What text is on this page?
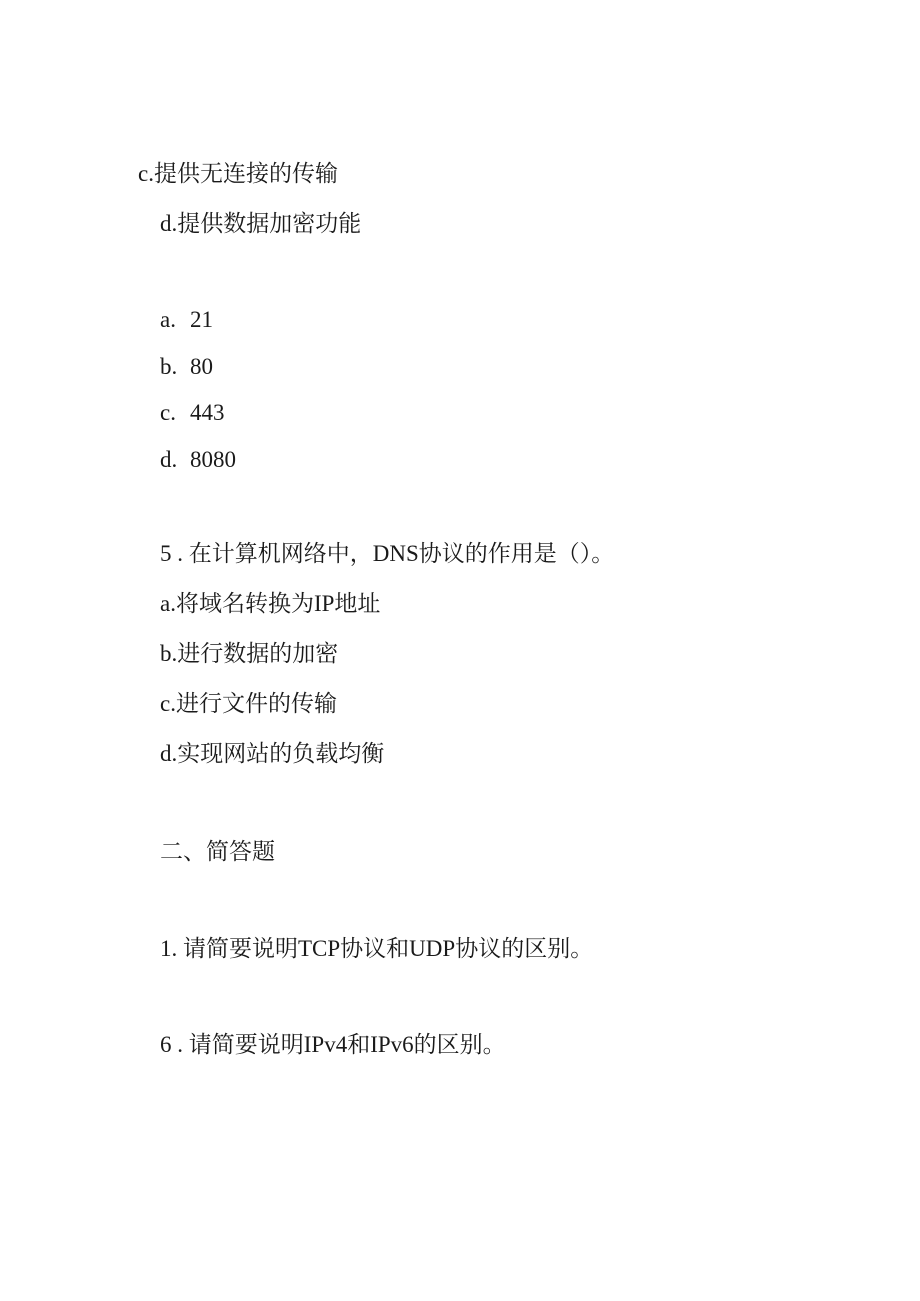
c.提供无连接的传输
d.提供数据加密功能
a. 21
b. 80
c. 443
d. 8080
5 . 在计算机网络中，DNS协议的作用是（）。
a.将域名转换为IP地址
b.进行数据的加密
c.进行文件的传输
d.实现网站的负载均衡
二、简答题
1. 请简要说明TCP协议和UDP协议的区别。
6 . 请简要说明IPv4和IPv6的区别。
